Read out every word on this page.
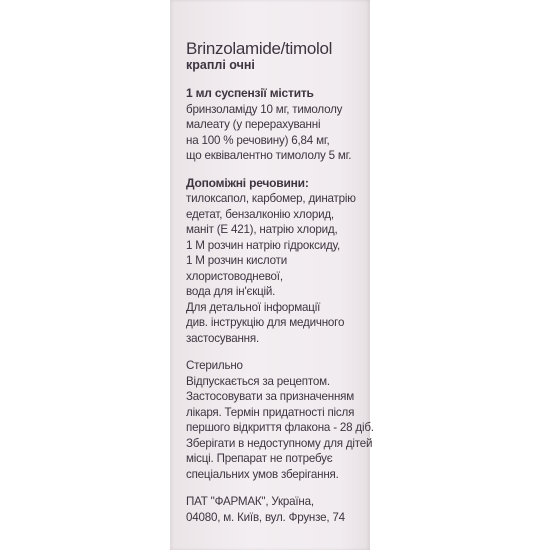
Brinzolamide/timolol
краплі очні
1 мл суспензії містить
бринзоламіду 10 мг, тимололу
малеату (у перерахуванні
на 100 % речовину) 6,84 мг,
що еквівалентно тимололу 5 мг.
Допоміжні речовини:
тилоксапол, карбомер, динатрію
едетат, бензалконію хлорид,
маніт (Е 421), натрію хлорид,
1 М розчин натрію гідроксиду,
1 М розчин кислоти
хлористоводневої,
вода для ін'єкцій.
Для детальної інформації
див. інструкцію для медичного
застосування.
Стерильно
Відпускається за рецептом.
Застосовувати за призначенням
лікаря. Термін придатності після
першого відкриття флакона - 28 діб.
Зберігати в недоступному для дітей
місці. Препарат не потребує
спеціальних умов зберігання.
ПАТ "ФАРМАК", Україна,
04080, м. Київ, вул. Фрунзе, 74
